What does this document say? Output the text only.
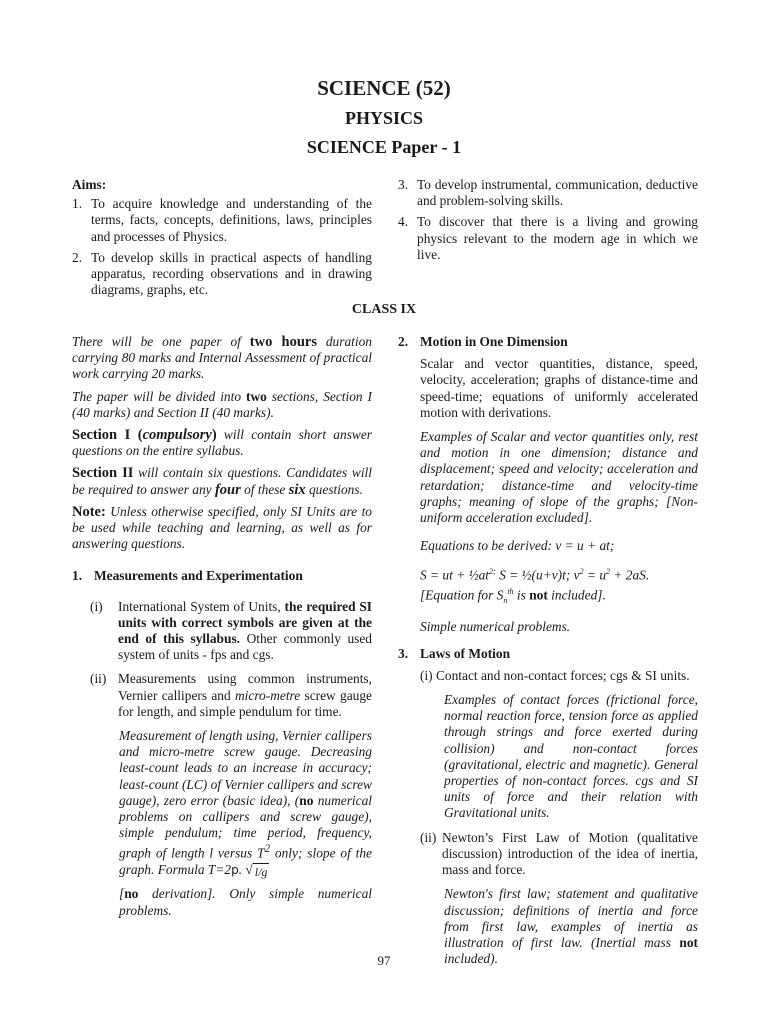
SCIENCE (52)
PHYSICS
SCIENCE Paper - 1
Aims:
1. To acquire knowledge and understanding of the terms, facts, concepts, definitions, laws, principles and processes of Physics.
2. To develop skills in practical aspects of handling apparatus, recording observations and in drawing diagrams, graphs, etc.
3. To develop instrumental, communication, deductive and problem-solving skills.
4. To discover that there is a living and growing physics relevant to the modern age in which we live.
CLASS IX
There will be one paper of two hours duration carrying 80 marks and Internal Assessment of practical work carrying 20 marks.
The paper will be divided into two sections, Section I (40 marks) and Section II (40 marks).
Section I (compulsory) will contain short answer questions on the entire syllabus.
Section II will contain six questions. Candidates will be required to answer any four of these six questions.
Note: Unless otherwise specified, only SI Units are to be used while teaching and learning, as well as for answering questions.
1. Measurements and Experimentation
(i) International System of Units, the required SI units with correct symbols are given at the end of this syllabus. Other commonly used system of units - fps and cgs.
(ii) Measurements using common instruments, Vernier callipers and micro-metre screw gauge for length, and simple pendulum for time.
Measurement of length using, Vernier callipers and micro-metre screw gauge. Decreasing least-count leads to an increase in accuracy; least-count (LC) of Vernier callipers and screw gauge), zero error (basic idea), (no numerical problems on callipers and screw gauge), simple pendulum; time period, frequency, graph of length l versus $T^2$ only; slope of the graph. Formula T=2p. √ l/g
[no derivation]. Only simple numerical problems.
2. Motion in One Dimension
Scalar and vector quantities, distance, speed, velocity, acceleration; graphs of distance-time and speed-time; equations of uniformly accelerated motion with derivations.
Examples of Scalar and vector quantities only, rest and motion in one dimension; distance and displacement; speed and velocity; acceleration and retardation; distance-time and velocity-time graphs; meaning of slope of the graphs; [Non-uniform acceleration excluded].
Equations to be derived: v = u + at;
S = ut + $\frac{1}{2}at^{2;}$ S = ½(u+v)t; $v^2 = u^2 + 2aS$.
[Equation for $S_n^{th}$ is not included].
Simple numerical problems.
3. Laws of Motion
(i) Contact and non-contact forces; cgs & SI units.
Examples of contact forces (frictional force, normal reaction force, tension force as applied through strings and force exerted during collision) and non-contact forces (gravitational, electric and magnetic). General properties of non-contact forces. cgs and SI units of force and their relation with Gravitational units.
(ii) Newton’s First Law of Motion (qualitative discussion) introduction of the idea of inertia, mass and force.
Newton's first law; statement and qualitative discussion; definitions of inertia and force from first law, examples of inertia as illustration of first law. (Inertial mass not included).
97
